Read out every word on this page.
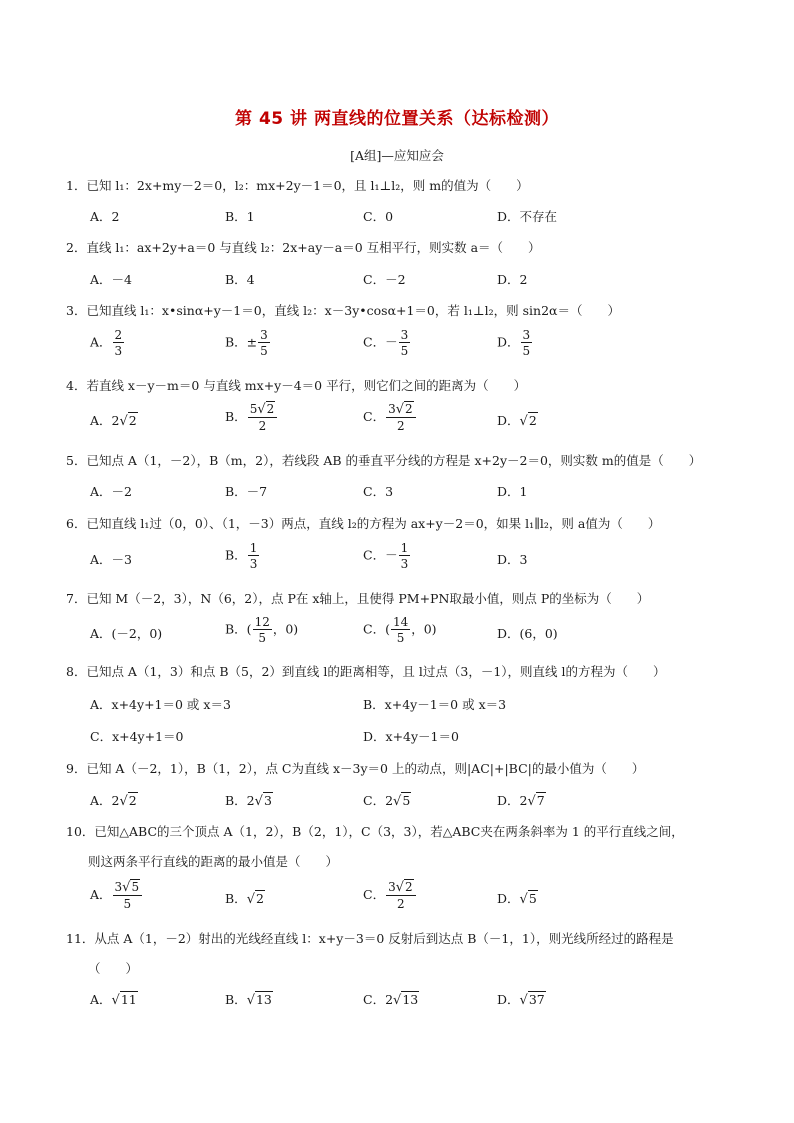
第 45 讲 两直线的位置关系（达标检测）
[A组]—应知应会
1．已知 l₁：2x+my－2＝0，l₂：mx+2y－1＝0，且 l₁⊥l₂，则 m的值为（　　）
A．2	B．1	C．0	D．不存在
2．直线 l₁：ax+2y+a＝0 与直线 l₂：2x+ay－a＝0 互相平行，则实数 a＝（　　）
A．－4	B．4	C．－2	D．2
3．已知直线 l₁：x•sinα+y－1＝0，直线 l₂：x－3y•cosα+1＝0，若 l₁⊥l₂，则 sin2α＝（　　）
A． $\frac{2}{3}$	B．± $\frac{3}{5}$	C．－ $\frac{3}{5}$	D． $\frac{3}{5}$
4．若直线 x－y－m＝0 与直线 mx+y－4＝0 平行，则它们之间的距离为（　　）
A．2√2	B． $\frac{5√2}{2}$	C． $\frac{3√2}{2}$	D．√2
5．已知点 A（1，－2），B（m，2），若线段 AB 的垂直平分线的方程是 x+2y－2＝0，则实数 m的值是（　　）
A．－2	B．－7	C．3	D．1
6．已知直线 l₁过（0，0）、（1，－3）两点，直线 l₂的方程为 ax+y－2＝0，如果 l₁∥l₂，则 a值为（　　）
A．－3	B． $\frac{1}{3}$	C．－ $\frac{1}{3}$	D．3
7．已知 M（－2，3），N（6，2），点 P在 x轴上，且使得 PM+PN取最小值，则点 P的坐标为（　　）
A．(－2，0)	B．( $\frac{12}{5}$ ，0)	C．( $\frac{14}{5}$ ，0)	D．(6，0)
8．已知点 A（1，3）和点 B（5，2）到直线 l的距离相等，且 l过点（3，－1），则直线 l的方程为（　　）
A．x+4y+1＝0 或 x＝3	B．x+4y－1＝0 或 x＝3
C．x+4y+1＝0	D．x+4y－1＝0
9．已知 A（－2，1），B（1，2），点 C为直线 x－3y＝0 上的动点，则|AC|+|BC|的最小值为（　　）
A．2√2	B．2√3	C．2√5	D．2√7
10．已知△ABC的三个顶点 A（1，2），B（2，1），C（3，3），若△ABC夹在两条斜率为 1 的平行直线之间，
则这两条平行直线的距离的最小值是（　　）
A． $\frac{3√5}{5}$	B．√2	C． $\frac{3√2}{2}$	D．√5
11．从点 A（1，－2）射出的光线经直线 l：x+y－3＝0 反射后到达点 B（－1，1），则光线所经过的路程是
（　　）
A．√11	B．√13	C．2√13	D．√37
